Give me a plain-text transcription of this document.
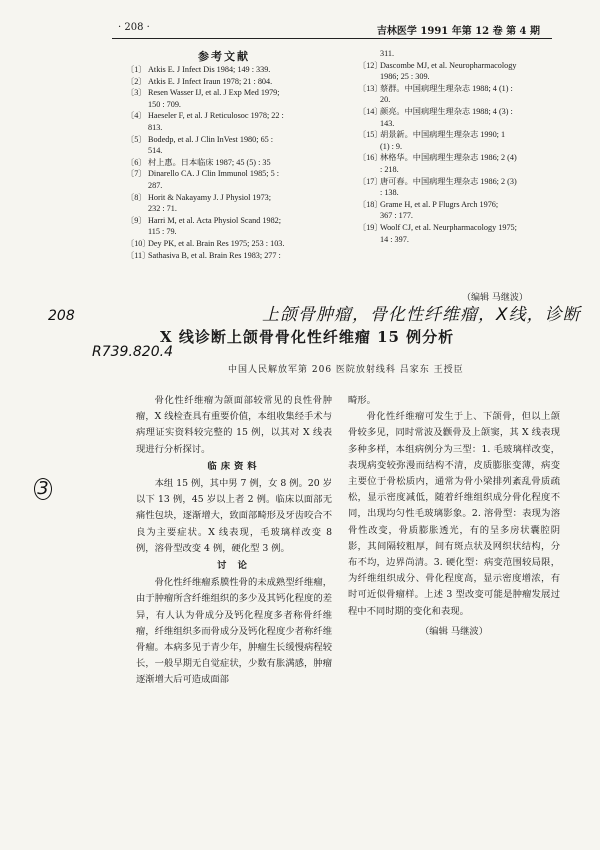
· 208 ·	吉林医学 1991 年第 12 卷 第 4 期
参考文献
〔1〕 Atkis E. J Infect Dis 1984; 149 : 339.
〔2〕 Atkis E. J Infect Iraun 1978; 21 : 804.
〔3〕 Resen Wasser IJ, et al. J Exp Med 1979;
150 : 709.
〔4〕 Haeseler F, et al. J Reticulosoc 1978; 22 :
813.
〔5〕 Bodedp, et al. J Clin InVest 1980; 65 :
514.
〔6〕 村上惠。日本临床 1987; 45 (5) : 35
〔7〕 Dinarello CA. J Clin Immunol 1985; 5 :
287.
〔8〕 Horit & Nakayamy J. J Physiol 1973;
232 : 71.
〔9〕 Harri M, et al. Acta Physiol Scand 1982;
115 : 79.
〔10〕Dey PK, et al. Brain Res 1975; 253 : 103.
〔11〕Sathasiva B, et al. Brain Res 1983; 277 :
311.
〔12〕Dascombe MJ, et al. Neuropharmacology
1986; 25 : 309.
〔13〕蔡群。中国病理生理杂志 1988; 4 (1) :
20.
〔14〕颜亮。中国病理生理杂志 1988; 4 (3) :
143.
〔15〕胡景新。中国病理生理杂志 1990; 1
(1) : 9.
〔16〕林格华。中国病理生理杂志 1986; 2 (4)
: 218.
〔17〕唐可春。中国病理生理杂志 1986; 2 (3)
: 138.
〔18〕Grame H, et al. P Flugrs Arch 1976;
367 : 177.
〔19〕Woolf CJ, et al. Neurpharmacology 1975;
14 : 397.
（编辑 马继波）
208	上颌骨肿瘤，骨化性纤维瘤，X线，诊断
R739.820.4
3
X 线诊断上颌骨骨化性纤维瘤 15 例分析
中国人民解放军第 206 医院放射线科 吕家东 王授臣

骨化性纤维瘤为颌面部较常见的良性骨肿瘤，X 线检查具有重要价值，本组收集经手术与病理证实资料较完整的 15 例，以其对 X 线表现进行分析探讨。

临床资料

本组 15 例，其中男 7 例，女 8 例。20 岁以下 13 例，45 岁以上者 2 例。临床以面部无痛性包块，逐渐增大，致面部畸形及牙齿咬合不良为主要症状。X 线表现，毛玻璃样改变 8 例，溶骨型改变 4 例，硬化型 3 例。

讨 论

骨化性纤维瘤系膜性骨的未成熟型纤维瘤，由于肿瘤所含纤维组织的多少及其钙化程度的差异，有人认为骨成分及钙化程度多者称骨纤维瘤，纤维组织多而骨成分及钙化程度少者称纤维骨瘤。本病多见于青少年，肿瘤生长缓慢病程较长，一般早期无自觉症状，少数有胀满感，肿瘤逐渐增大后可造成面部

畸形。

骨化性纤维瘤可发生于上、下颌骨，但以上颌骨较多见，同时常波及颧骨及上颌窦，其 X 线表现多种多样，本组病例分为三型：1. 毛玻璃样改变，表现病变较弥漫而结构不清，皮质膨胀变薄，病变主要位于骨松质内，通常为骨小梁排列紊乱骨质疏松，显示密度减低，随着纤维组织成分骨化程度不同，出现均匀性毛玻璃影象。2. 溶骨型：表现为溶骨性改变，骨质膨胀透光，有的呈多房状囊腔阴影，其间隔较粗厚，间有斑点状及网织状结构，分布不均，边界尚清。3. 硬化型：病变范围较局限，为纤维组织成分、骨化程度高，显示密度增浓，有时可近似骨瘤样。上述 3 型改变可能是肿瘤发展过程中不同时期的变化和表现。

（编辑 马继波）
